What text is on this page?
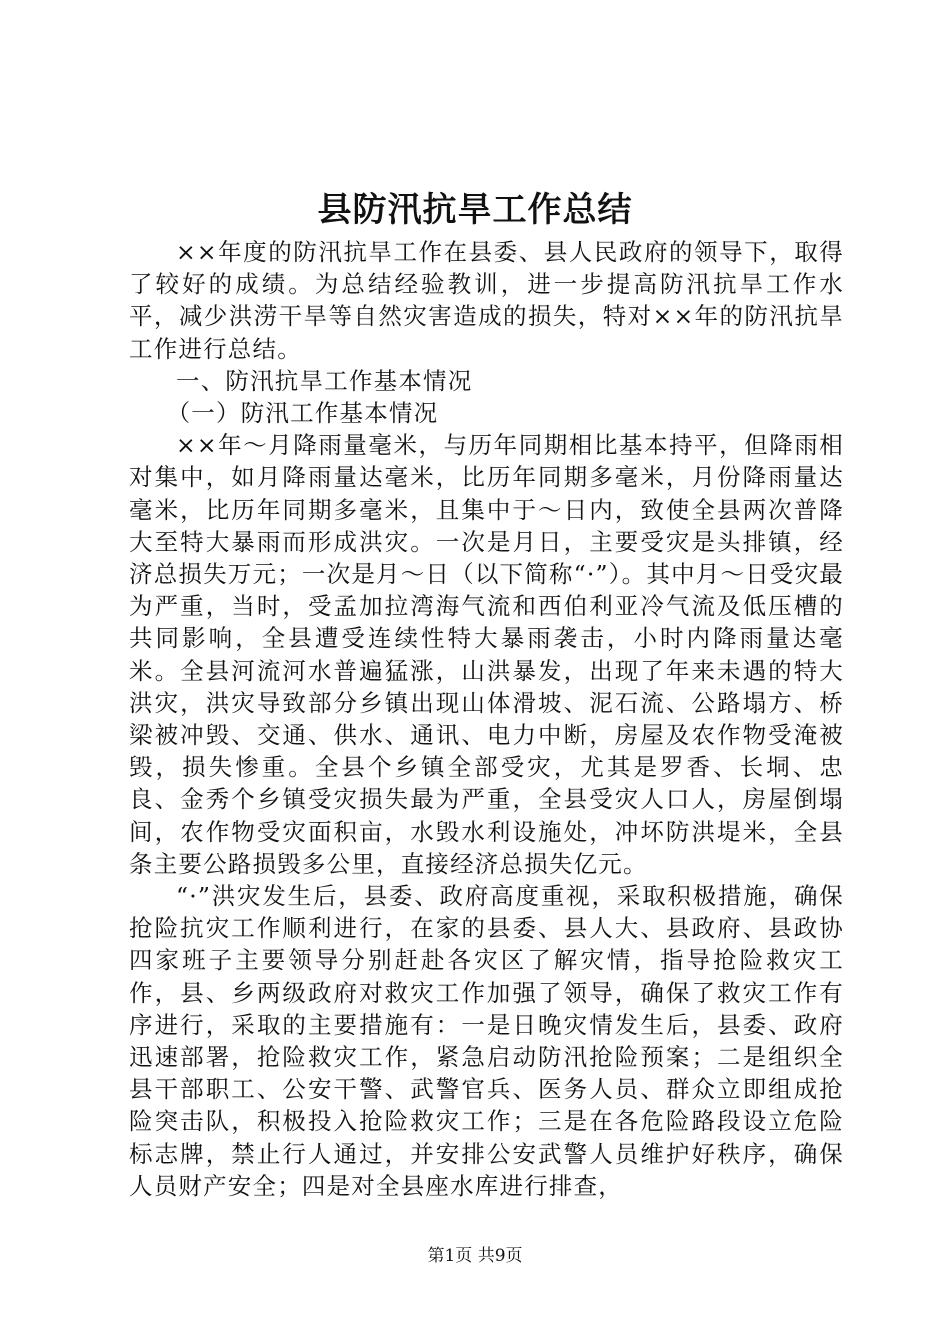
县防汛抗旱工作总结

××年度的防汛抗旱工作在县委、县人民政府的领导下，取得了较好的成绩。为总结经验教训，进一步提高防汛抗旱工作水平，减少洪涝干旱等自然灾害造成的损失，特对××年的防汛抗旱工作进行总结。

一、防汛抗旱工作基本情况

（一）防汛工作基本情况

××年～月降雨量毫米，与历年同期相比基本持平，但降雨相对集中，如月降雨量达毫米，比历年同期多毫米，月份降雨量达毫米，比历年同期多毫米，且集中于～日内，致使全县两次普降大至特大暴雨而形成洪灾。一次是月日，主要受灾是头排镇，经济总损失万元；一次是月～日（以下简称“·”）。其中月～日受灾最为严重，当时，受孟加拉湾海气流和西伯利亚冷气流及低压槽的共同影响，全县遭受连续性特大暴雨袭击，小时内降雨量达毫米。全县河流河水普遍猛涨，山洪暴发，出现了年来未遇的特大洪灾，洪灾导致部分乡镇出现山体滑坡、泥石流、公路塌方、桥梁被冲毁、交通、供水、通讯、电力中断，房屋及农作物受淹被毁，损失惨重。全县个乡镇全部受灾，尤其是罗香、长垌、忠良、金秀个乡镇受灾损失最为严重，全县受灾人口人，房屋倒塌间，农作物受灾面积亩，水毁水利设施处，冲坏防洪堤米，全县条主要公路损毁多公里，直接经济总损失亿元。

“·”洪灾发生后，县委、政府高度重视，采取积极措施，确保抢险抗灾工作顺利进行，在家的县委、县人大、县政府、县政协四家班子主要领导分别赶赴各灾区了解灾情，指导抢险救灾工作，县、乡两级政府对救灾工作加强了领导，确保了救灾工作有序进行，采取的主要措施有：一是日晚灾情发生后，县委、政府迅速部署，抢险救灾工作，紧急启动防汛抢险预案；二是组织全县干部职工、公安干警、武警官兵、医务人员、群众立即组成抢险突击队，积极投入抢险救灾工作；三是在各危险路段设立危险标志牌，禁止行人通过，并安排公安武警人员维护好秩序，确保人员财产安全；四是对全县座水库进行排查，

第1页 共9页
